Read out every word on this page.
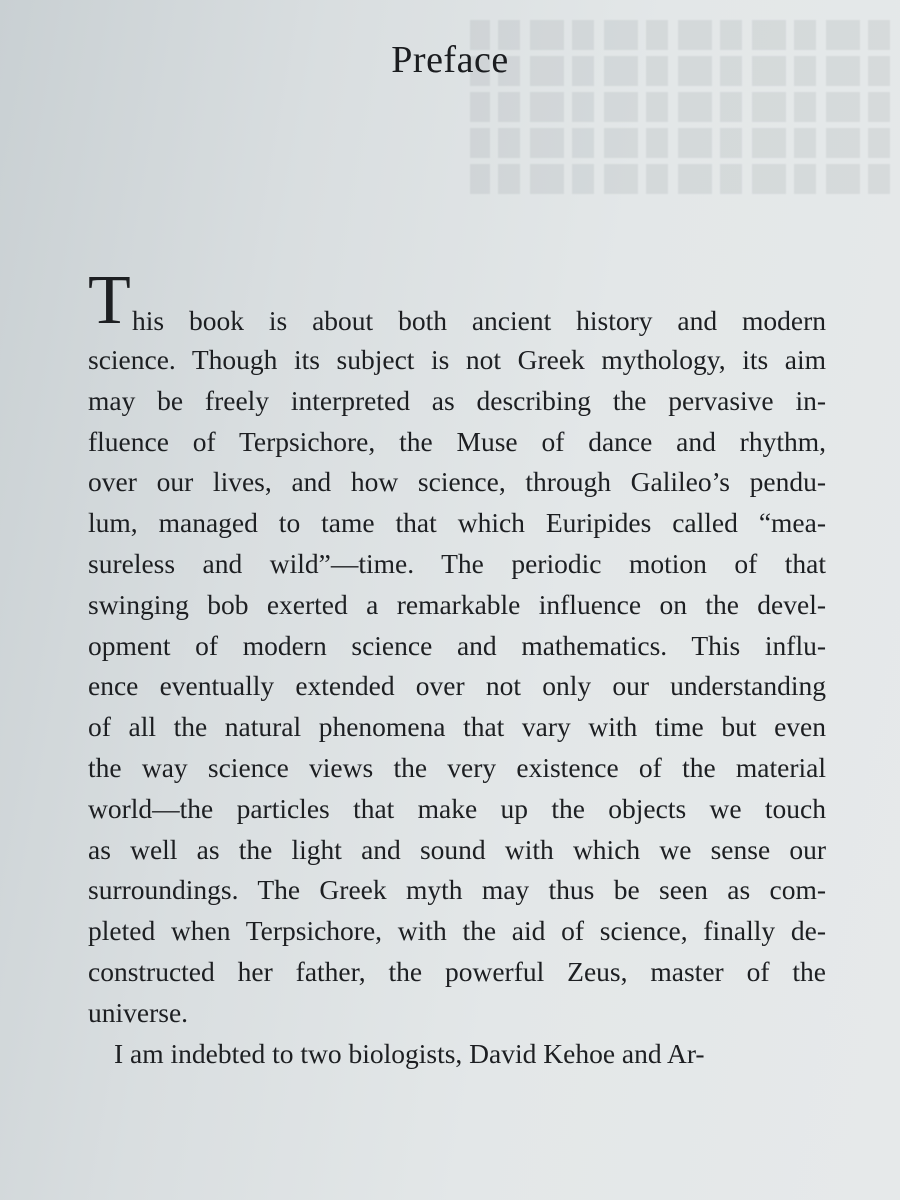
Preface
T his book is about both ancient history and modern
science. Though its subject is not Greek mythology, its aim
may be freely interpreted as describing the pervasive in-
fluence of Terpsichore, the Muse of dance and rhythm,
over our lives, and how science, through Galileo’s pendu-
lum, managed to tame that which Euripides called “mea-
sureless and wild”—time. The periodic motion of that
swinging bob exerted a remarkable influence on the devel-
opment of modern science and mathematics. This influ-
ence eventually extended over not only our understanding
of all the natural phenomena that vary with time but even
the way science views the very existence of the material
world—the particles that make up the objects we touch
as well as the light and sound with which we sense our
surroundings. The Greek myth may thus be seen as com-
pleted when Terpsichore, with the aid of science, finally de-
constructed her father, the powerful Zeus, master of the
universe.
I am indebted to two biologists, David Kehoe and Ar-
